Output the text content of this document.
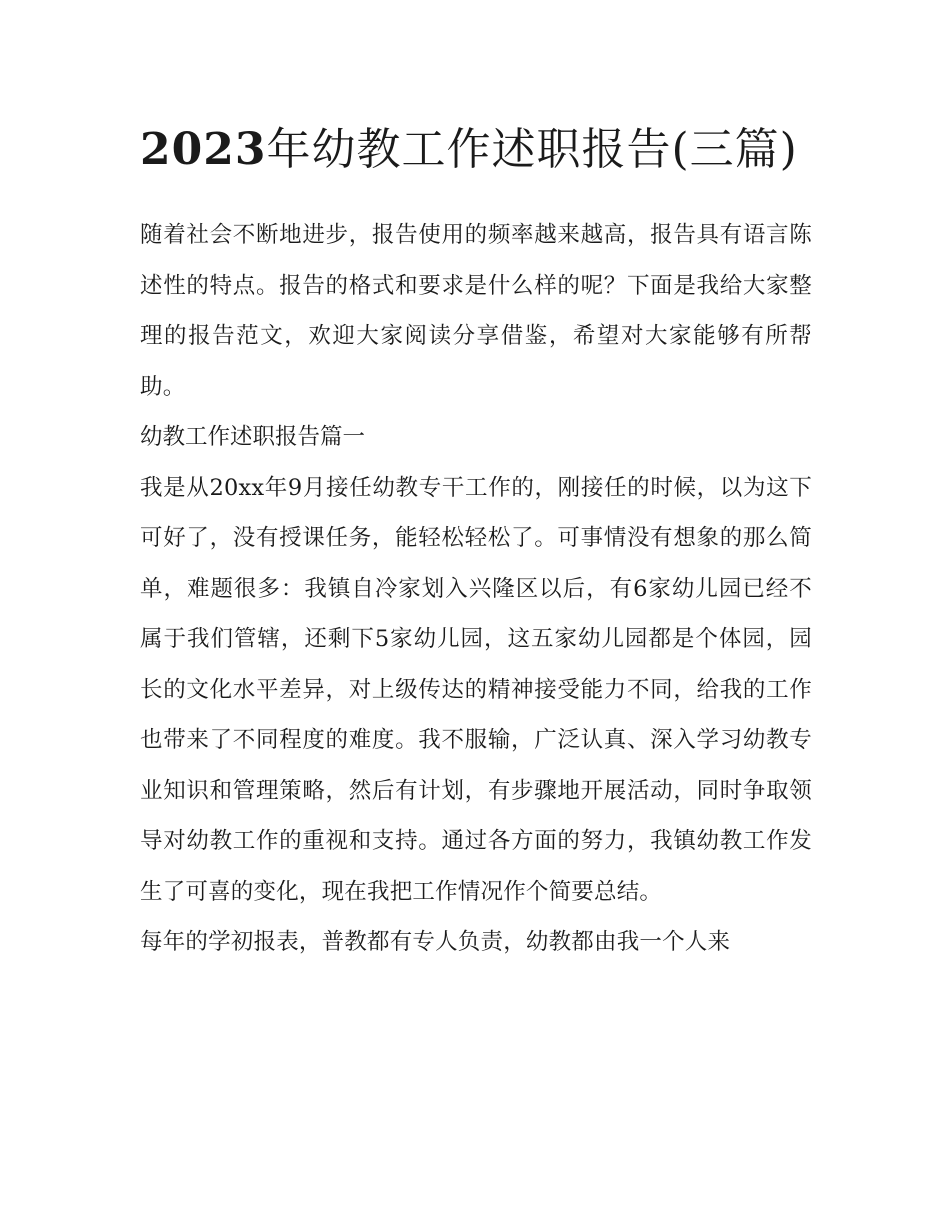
2023年幼教工作述职报告(三篇)

随着社会不断地进步，报告使用的频率越来越高，报告具有语言陈述性的特点。报告的格式和要求是什么样的呢？下面是我给大家整理的报告范文，欢迎大家阅读分享借鉴，希望对大家能够有所帮助。

幼教工作述职报告篇一

我是从20xx年9月接任幼教专干工作的，刚接任的时候，以为这下可好了，没有授课任务，能轻松轻松了。可事情没有想象的那么简单，难题很多：我镇自冷家划入兴隆区以后，有6家幼儿园已经不属于我们管辖，还剩下5家幼儿园，这五家幼儿园都是个体园，园长的文化水平差异，对上级传达的精神接受能力不同，给我的工作也带来了不同程度的难度。我不服输，广泛认真、深入学习幼教专业知识和管理策略，然后有计划，有步骤地开展活动，同时争取领导对幼教工作的重视和支持。通过各方面的努力，我镇幼教工作发生了可喜的变化，现在我把工作情况作个简要总结。

每年的学初报表，普教都有专人负责，幼教都由我一个人来
